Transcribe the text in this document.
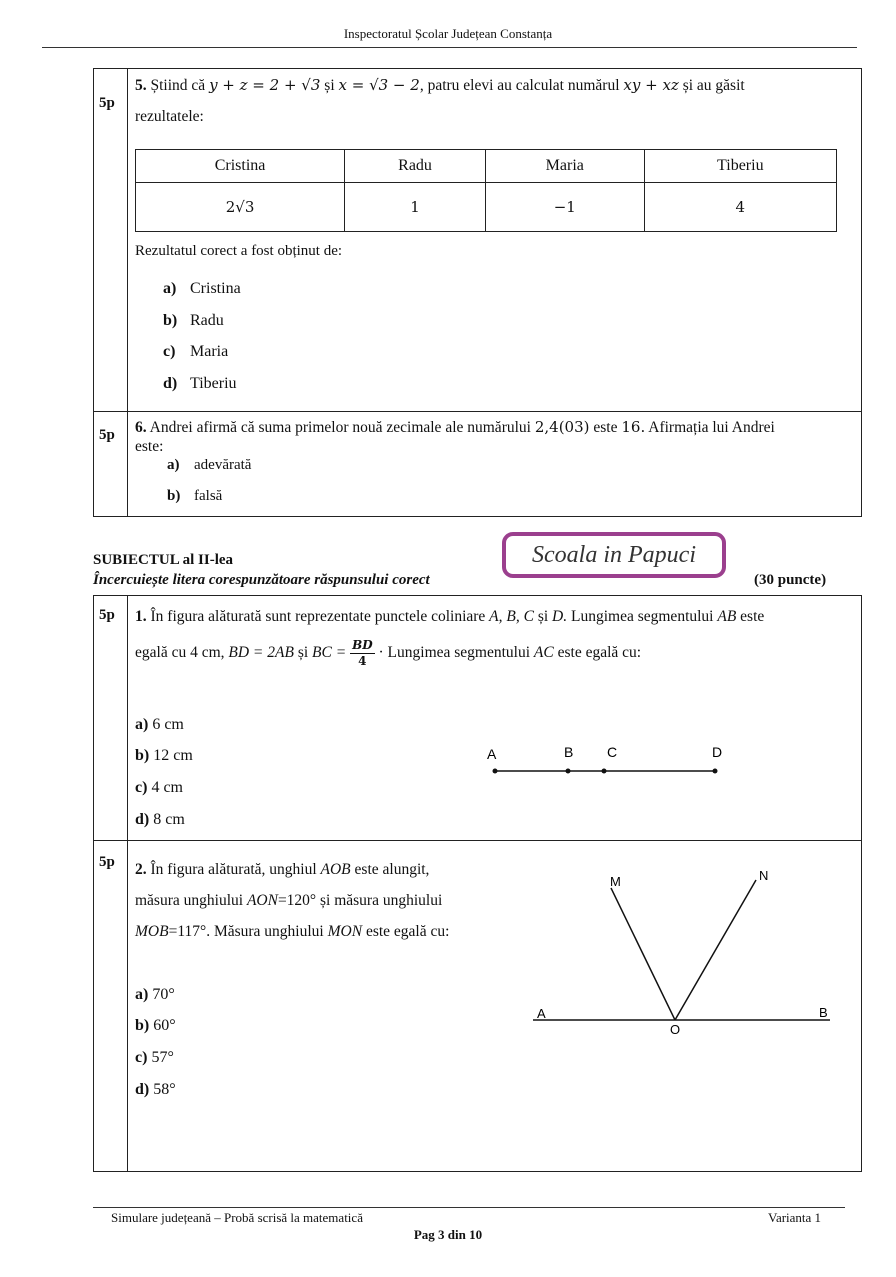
Inspectoratul Școlar Județean Constanța
5p
5. Știind că y + z = 2 + √3 și x = √3 − 2, patru elevi au calculat numărul xy + xz și au găsit
rezultatele:
Cristina	Radu	Maria	Tiberiu
2√3	1	−1	4
Rezultatul corect a fost obținut de:
a) Cristina
b) Radu
c) Maria
d) Tiberiu
5p 6. Andrei afirmă că suma primelor nouă zecimale ale numărului 2,4(03) este 16. Afirmația lui Andrei
este:
a) adevărată
b) falsă
SUBIECTUL al II-lea
Încercuiește litera corespunzătoare răspunsului corect	(30 puncte)
Scoala in Papuci
5p 1. În figura alăturată sunt reprezentate punctele coliniare A, B, C și D. Lungimea segmentului AB este
egală cu 4 cm, BD = 2AB și BC = $\frac{BD}{4}$ · Lungimea segmentului AC este egală cu:
a) 6 cm
b) 12 cm
c) 4 cm
d) 8 cm
A	B C	D
5p 2. În figura alăturată, unghiul AOB este alungit,
măsura unghiului AON=120° și măsura unghiului
MOB=117°. Măsura unghiului MON este egală cu:
a) 70°
b) 60°
c) 57°
d) 58°
M	N
A
O
B
Simulare județeană – Probă scrisă la matematică	Varianta 1
Pag 3 din 10
